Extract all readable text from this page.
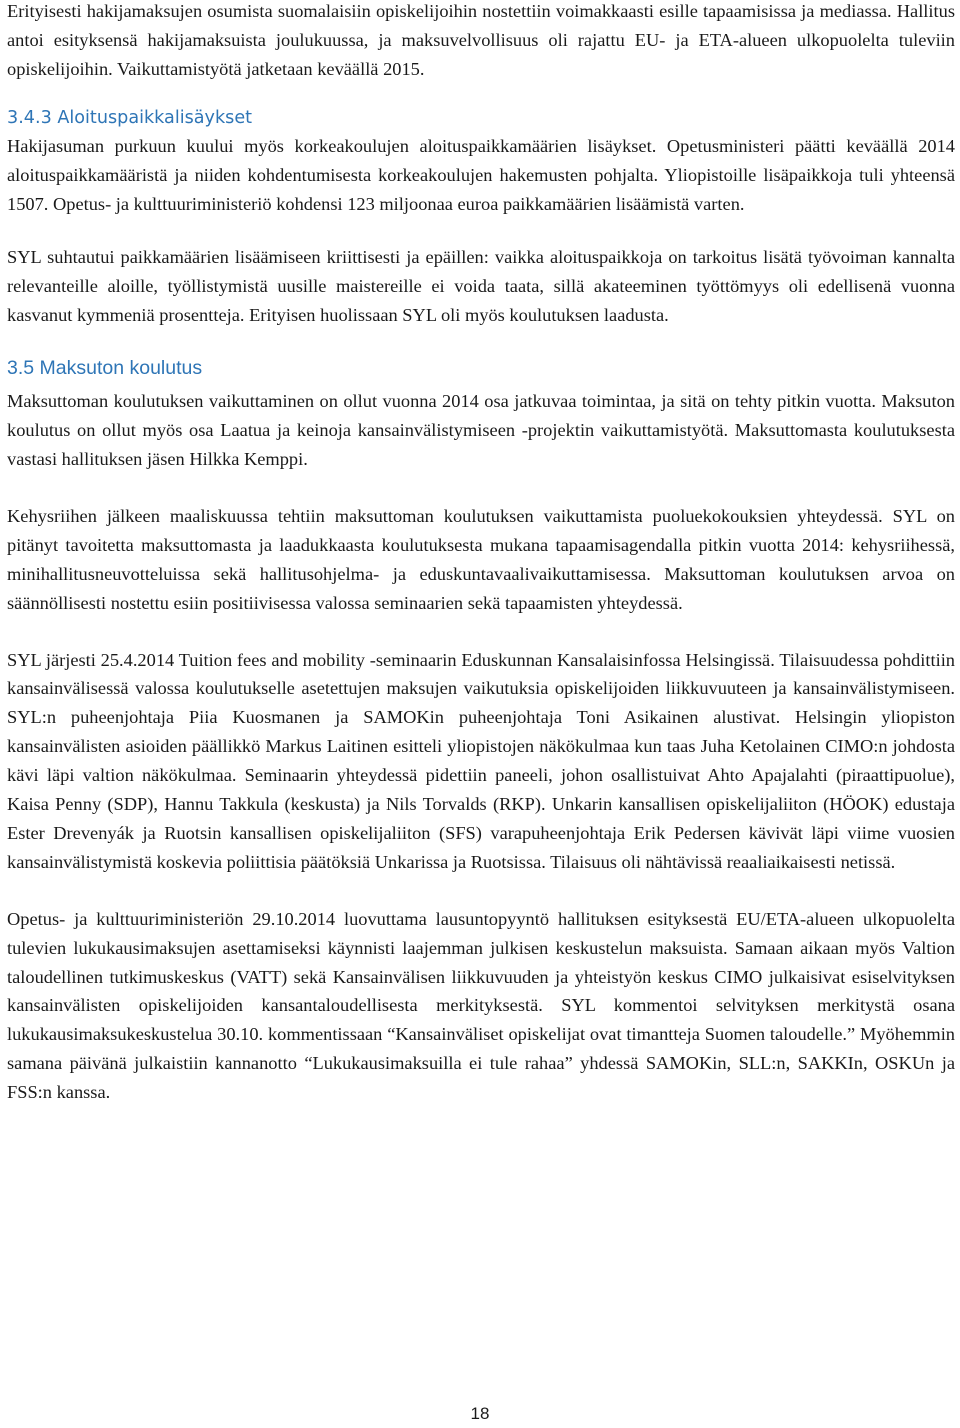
Erityisesti hakijamaksujen osumista suomalaisiin opiskelijoihin nostettiin voimakkaasti esille tapaamisissa ja mediassa. Hallitus antoi esityksensä hakijamaksuista joulukuussa, ja maksuvelvollisuus oli rajattu EU- ja ETA-alueen ulkopuolelta tuleviin opiskelijoihin. Vaikuttamistyötä jatketaan keväällä 2015.

3.4.3 Aloituspaikkalisäykset

Hakijasuman purkuun kuului myös korkeakoulujen aloituspaikkamäärien lisäykset. Opetusministeri päätti keväällä 2014 aloituspaikkamääristä ja niiden kohdentumisesta korkeakoulujen hakemusten pohjalta. Yliopistoille lisäpaikkoja tuli yhteensä 1507. Opetus- ja kulttuuriministeriö kohdensi 123 miljoonaa euroa paikkamäärien lisäämistä varten.

SYL suhtautui paikkamäärien lisäämiseen kriittisesti ja epäillen: vaikka aloituspaikkoja on tarkoitus lisätä työvoiman kannalta relevanteille aloille, työllistymistä uusille maistereille ei voida taata, sillä akateeminen työttömyys oli edellisenä vuonna kasvanut kymmeniä prosentteja. Erityisen huolissaan SYL oli myös koulutuksen laadusta.

3.5 Maksuton koulutus

Maksuttoman koulutuksen vaikuttaminen on ollut vuonna 2014 osa jatkuvaa toimintaa, ja sitä on tehty pitkin vuotta. Maksuton koulutus on ollut myös osa Laatua ja keinoja kansainvälistymiseen -projektin vaikuttamistyötä. Maksuttomasta koulutuksesta vastasi hallituksen jäsen Hilkka Kemppi.

Kehysriihen jälkeen maaliskuussa tehtiin maksuttoman koulutuksen vaikuttamista puoluekokouksien yhteydessä. SYL on pitänyt tavoitetta maksuttomasta ja laadukkaasta koulutuksesta mukana tapaamisagendalla pitkin vuotta 2014: kehysriihessä, minihallitusneuvotteluissa sekä hallitusohjelma- ja eduskuntavaalivaikuttamisessa. Maksuttoman koulutuksen arvoa on säännöllisesti nostettu esiin positiivisessa valossa seminaarien sekä tapaamisten yhteydessä.

SYL järjesti 25.4.2014 Tuition fees and mobility -seminaarin Eduskunnan Kansalaisinfossa Helsingissä. Tilaisuudessa pohdittiin kansainvälisessä valossa koulutukselle asetettujen maksujen vaikutuksia opiskelijoiden liikkuvuuteen ja kansainvälistymiseen. SYL:n puheenjohtaja Piia Kuosmanen ja SAMOKin puheenjohtaja Toni Asikainen alustivat. Helsingin yliopiston kansainvälisten asioiden päällikkö Markus Laitinen esitteli yliopistojen näkökulmaa kun taas Juha Ketolainen CIMO:n johdosta kävi läpi valtion näkökulmaa. Seminaarin yhteydessä pidettiin paneeli, johon osallistuivat Ahto Apajalahti (piraattipuolue), Kaisa Penny (SDP), Hannu Takkula (keskusta) ja Nils Torvalds (RKP). Unkarin kansallisen opiskelijaliiton (HÖOK) edustaja Ester Drevenyák ja Ruotsin kansallisen opiskelijaliiton (SFS) varapuheenjohtaja Erik Pedersen kävivät läpi viime vuosien kansainvälistymistä koskevia poliittisia päätöksiä Unkarissa ja Ruotsissa. Tilaisuus oli nähtävissä reaaliaikaisesti netissä.

Opetus- ja kulttuuriministeriön 29.10.2014 luovuttama lausuntopyyntö hallituksen esityksestä EU/ETA-alueen ulkopuolelta tulevien lukukausimaksujen asettamiseksi käynnisti laajemman julkisen keskustelun maksuista. Samaan aikaan myös Valtion taloudellinen tutkimuskeskus (VATT) sekä Kansainvälisen liikkuvuuden ja yhteistyön keskus CIMO julkaisivat esiselvityksen kansainvälisten opiskelijoiden kansantaloudellisesta merkityksestä. SYL kommentoi selvityksen merkitystä osana lukukausimaksukeskustelua 30.10. kommentissaan “Kansainväliset opiskelijat ovat timantteja Suomen taloudelle.” Myöhemmin samana päivänä julkaistiin kannanotto “Lukukausimaksuilla ei tule rahaa” yhdessä SAMOKin, SLL:n, SAKKIn, OSKUn ja FSS:n kanssa.

18
